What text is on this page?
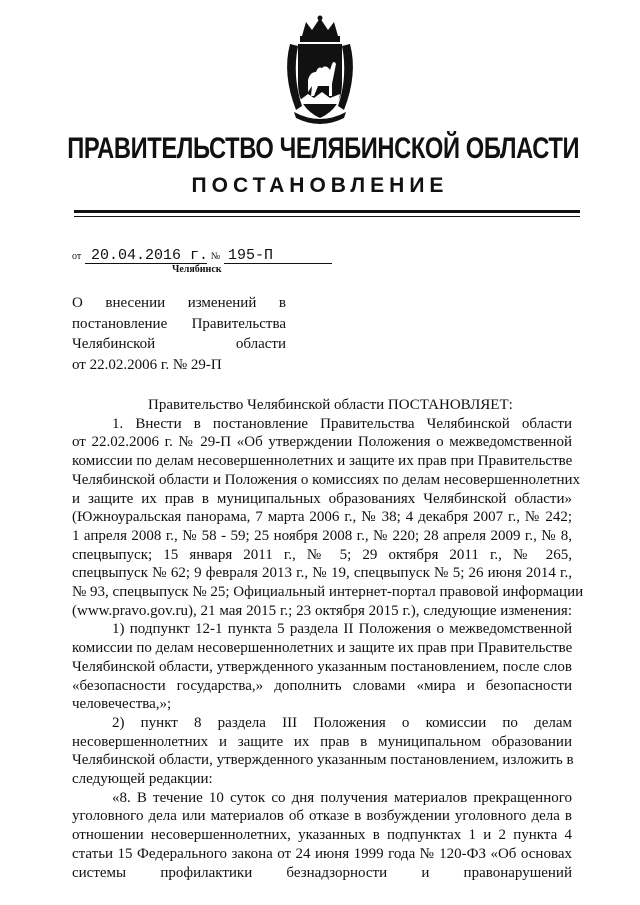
ПРАВИТЕЛЬСТВО ЧЕЛЯБИНСКОЙ ОБЛАСТИ
ПОСТАНОВЛЕНИЕ
от 20.04.2016 г. № 195-П
Челябинск
О внесении изменений в
постановление Правительства
Челябинской области
от 22.02.2006 г. № 29-П
Правительство Челябинской области ПОСТАНОВЛЯЕТ:
1. Внести в постановление Правительства Челябинской области
от 22.02.2006 г. № 29-П «Об утверждении Положения о межведомственной
комиссии по делам несовершеннолетних и защите их прав при Правительстве
Челябинской области и Положения о комиссиях по делам несовершеннолетних
и защите их прав в муниципальных образованиях Челябинской области»
(Южноуральская панорама, 7 марта 2006 г., № 38; 4 декабря 2007 г., № 242;
1 апреля 2008 г., № 58 - 59; 25 ноября 2008 г., № 220; 28 апреля 2009 г., № 8,
спецвыпуск; 15 января 2011 г., № 5; 29 октября 2011 г., № 265,
спецвыпуск № 62; 9 февраля 2013 г., № 19, спецвыпуск № 5; 26 июня 2014 г.,
№ 93, спецвыпуск № 25; Официальный интернет-портал правовой информации
(www.pravo.gov.ru), 21 мая 2015 г.; 23 октября 2015 г.), следующие изменения:
1) подпункт 12-1 пункта 5 раздела II Положения о межведомственной
комиссии по делам несовершеннолетних и защите их прав при Правительстве
Челябинской области, утвержденного указанным постановлением, после слов
«безопасности государства,» дополнить словами «мира и безопасности
человечества,»;
2) пункт 8 раздела III Положения о комиссии по делам
несовершеннолетних и защите их прав в муниципальном образовании
Челябинской области, утвержденного указанным постановлением, изложить в
следующей редакции:
«8. В течение 10 суток со дня получения материалов прекращенного
уголовного дела или материалов об отказе в возбуждении уголовного дела в
отношении несовершеннолетних, указанных в подпунктах 1 и 2 пункта 4
статьи 15 Федерального закона от 24 июня 1999 года № 120-ФЗ «Об основах
системы профилактики безнадзорности и правонарушений
